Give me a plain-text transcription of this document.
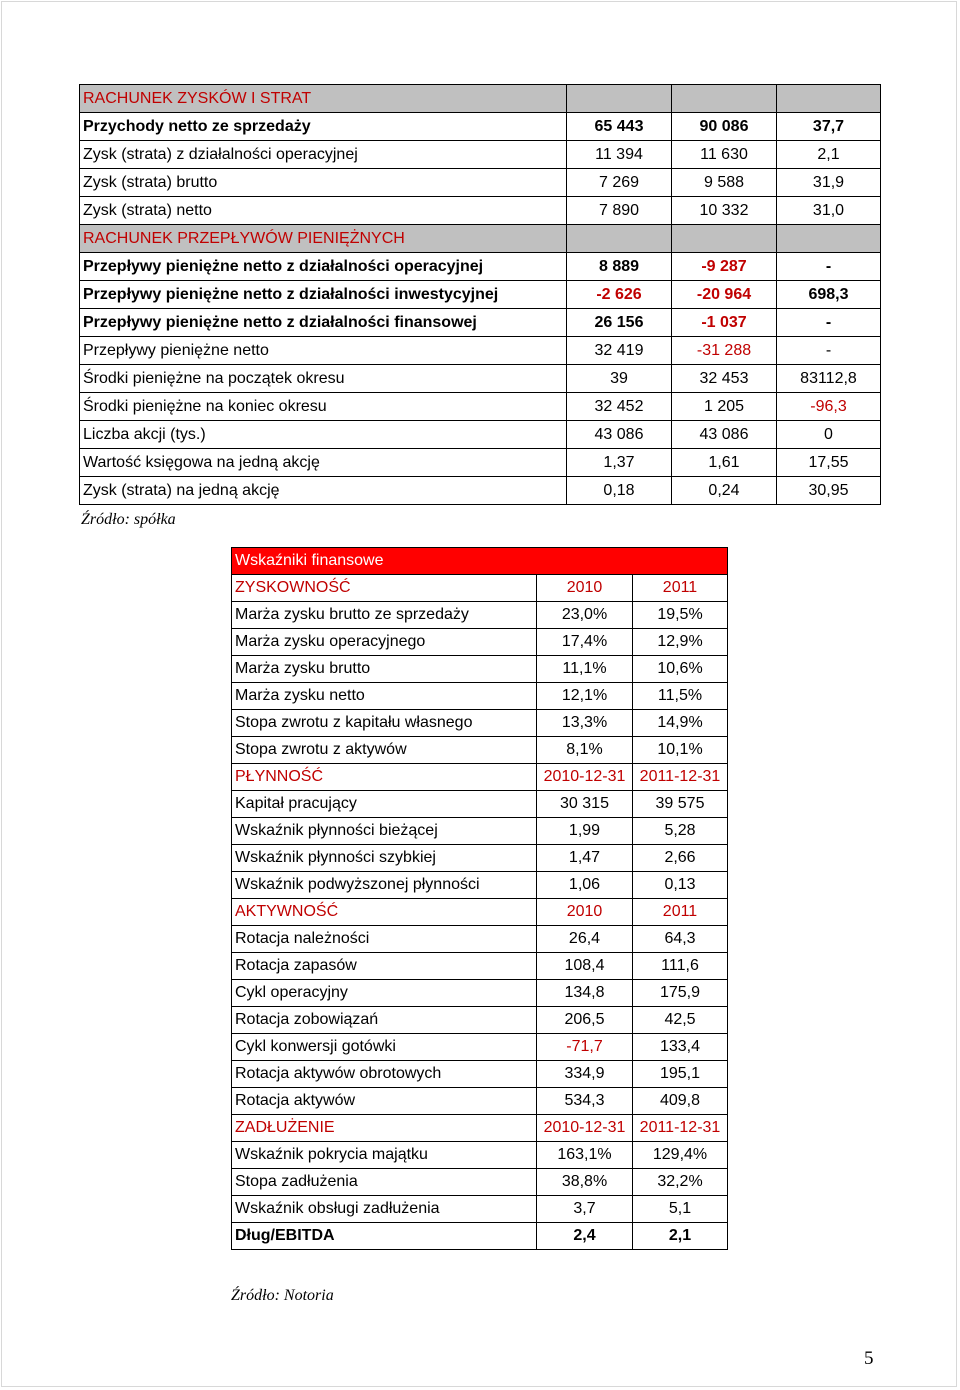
RACHUNEK ZYSKÓW I STRAT			
Przychody netto ze sprzedaży	65 443	90 086	37,7
Zysk (strata) z działalności operacyjnej	11 394	11 630	2,1
Zysk (strata) brutto	7 269	9 588	31,9
Zysk (strata) netto	7 890	10 332	31,0
RACHUNEK PRZEPŁYWÓW PIENIĘŻNYCH			
Przepływy pieniężne netto z działalności operacyjnej	8 889	-9 287	-
Przepływy pieniężne netto z działalności inwestycyjnej	-2 626	-20 964	698,3
Przepływy pieniężne netto z działalności finansowej	26 156	-1 037	-
Przepływy pieniężne netto	32 419	-31 288	-
Środki pieniężne na początek okresu	39	32 453	83112,8
Środki pieniężne na koniec okresu	32 452	1 205	-96,3
Liczba akcji (tys.)	43 086	43 086	0
Wartość księgowa na jedną akcję	1,37	1,61	17,55
Zysk (strata) na jedną akcję	0,18	0,24	30,95
Źródło: spółka
Wskaźniki finansowe		
ZYSKOWNOŚĆ	2010	2011
Marża zysku brutto ze sprzedaży	23,0%	19,5%
Marża zysku operacyjnego	17,4%	12,9%
Marża zysku brutto	11,1%	10,6%
Marża zysku netto	12,1%	11,5%
Stopa zwrotu z kapitału własnego	13,3%	14,9%
Stopa zwrotu z aktywów	8,1%	10,1%
PŁYNNOŚĆ	2010-12-31	2011-12-31
Kapitał pracujący	30 315	39 575
Wskaźnik płynności bieżącej	1,99	5,28
Wskaźnik płynności szybkiej	1,47	2,66
Wskaźnik podwyższonej płynności	1,06	0,13
AKTYWNOŚĆ	2010	2011
Rotacja należności	26,4	64,3
Rotacja zapasów	108,4	111,6
Cykl operacyjny	134,8	175,9
Rotacja zobowiązań	206,5	42,5
Cykl konwersji gotówki	-71,7	133,4
Rotacja aktywów obrotowych	334,9	195,1
Rotacja aktywów	534,3	409,8
ZADŁUŻENIE	2010-12-31	2011-12-31
Wskaźnik pokrycia majątku	163,1%	129,4%
Stopa zadłużenia	38,8%	32,2%
Wskaźnik obsługi zadłużenia	3,7	5,1
Dług/EBITDA	2,4	2,1
Źródło: Notoria
5
